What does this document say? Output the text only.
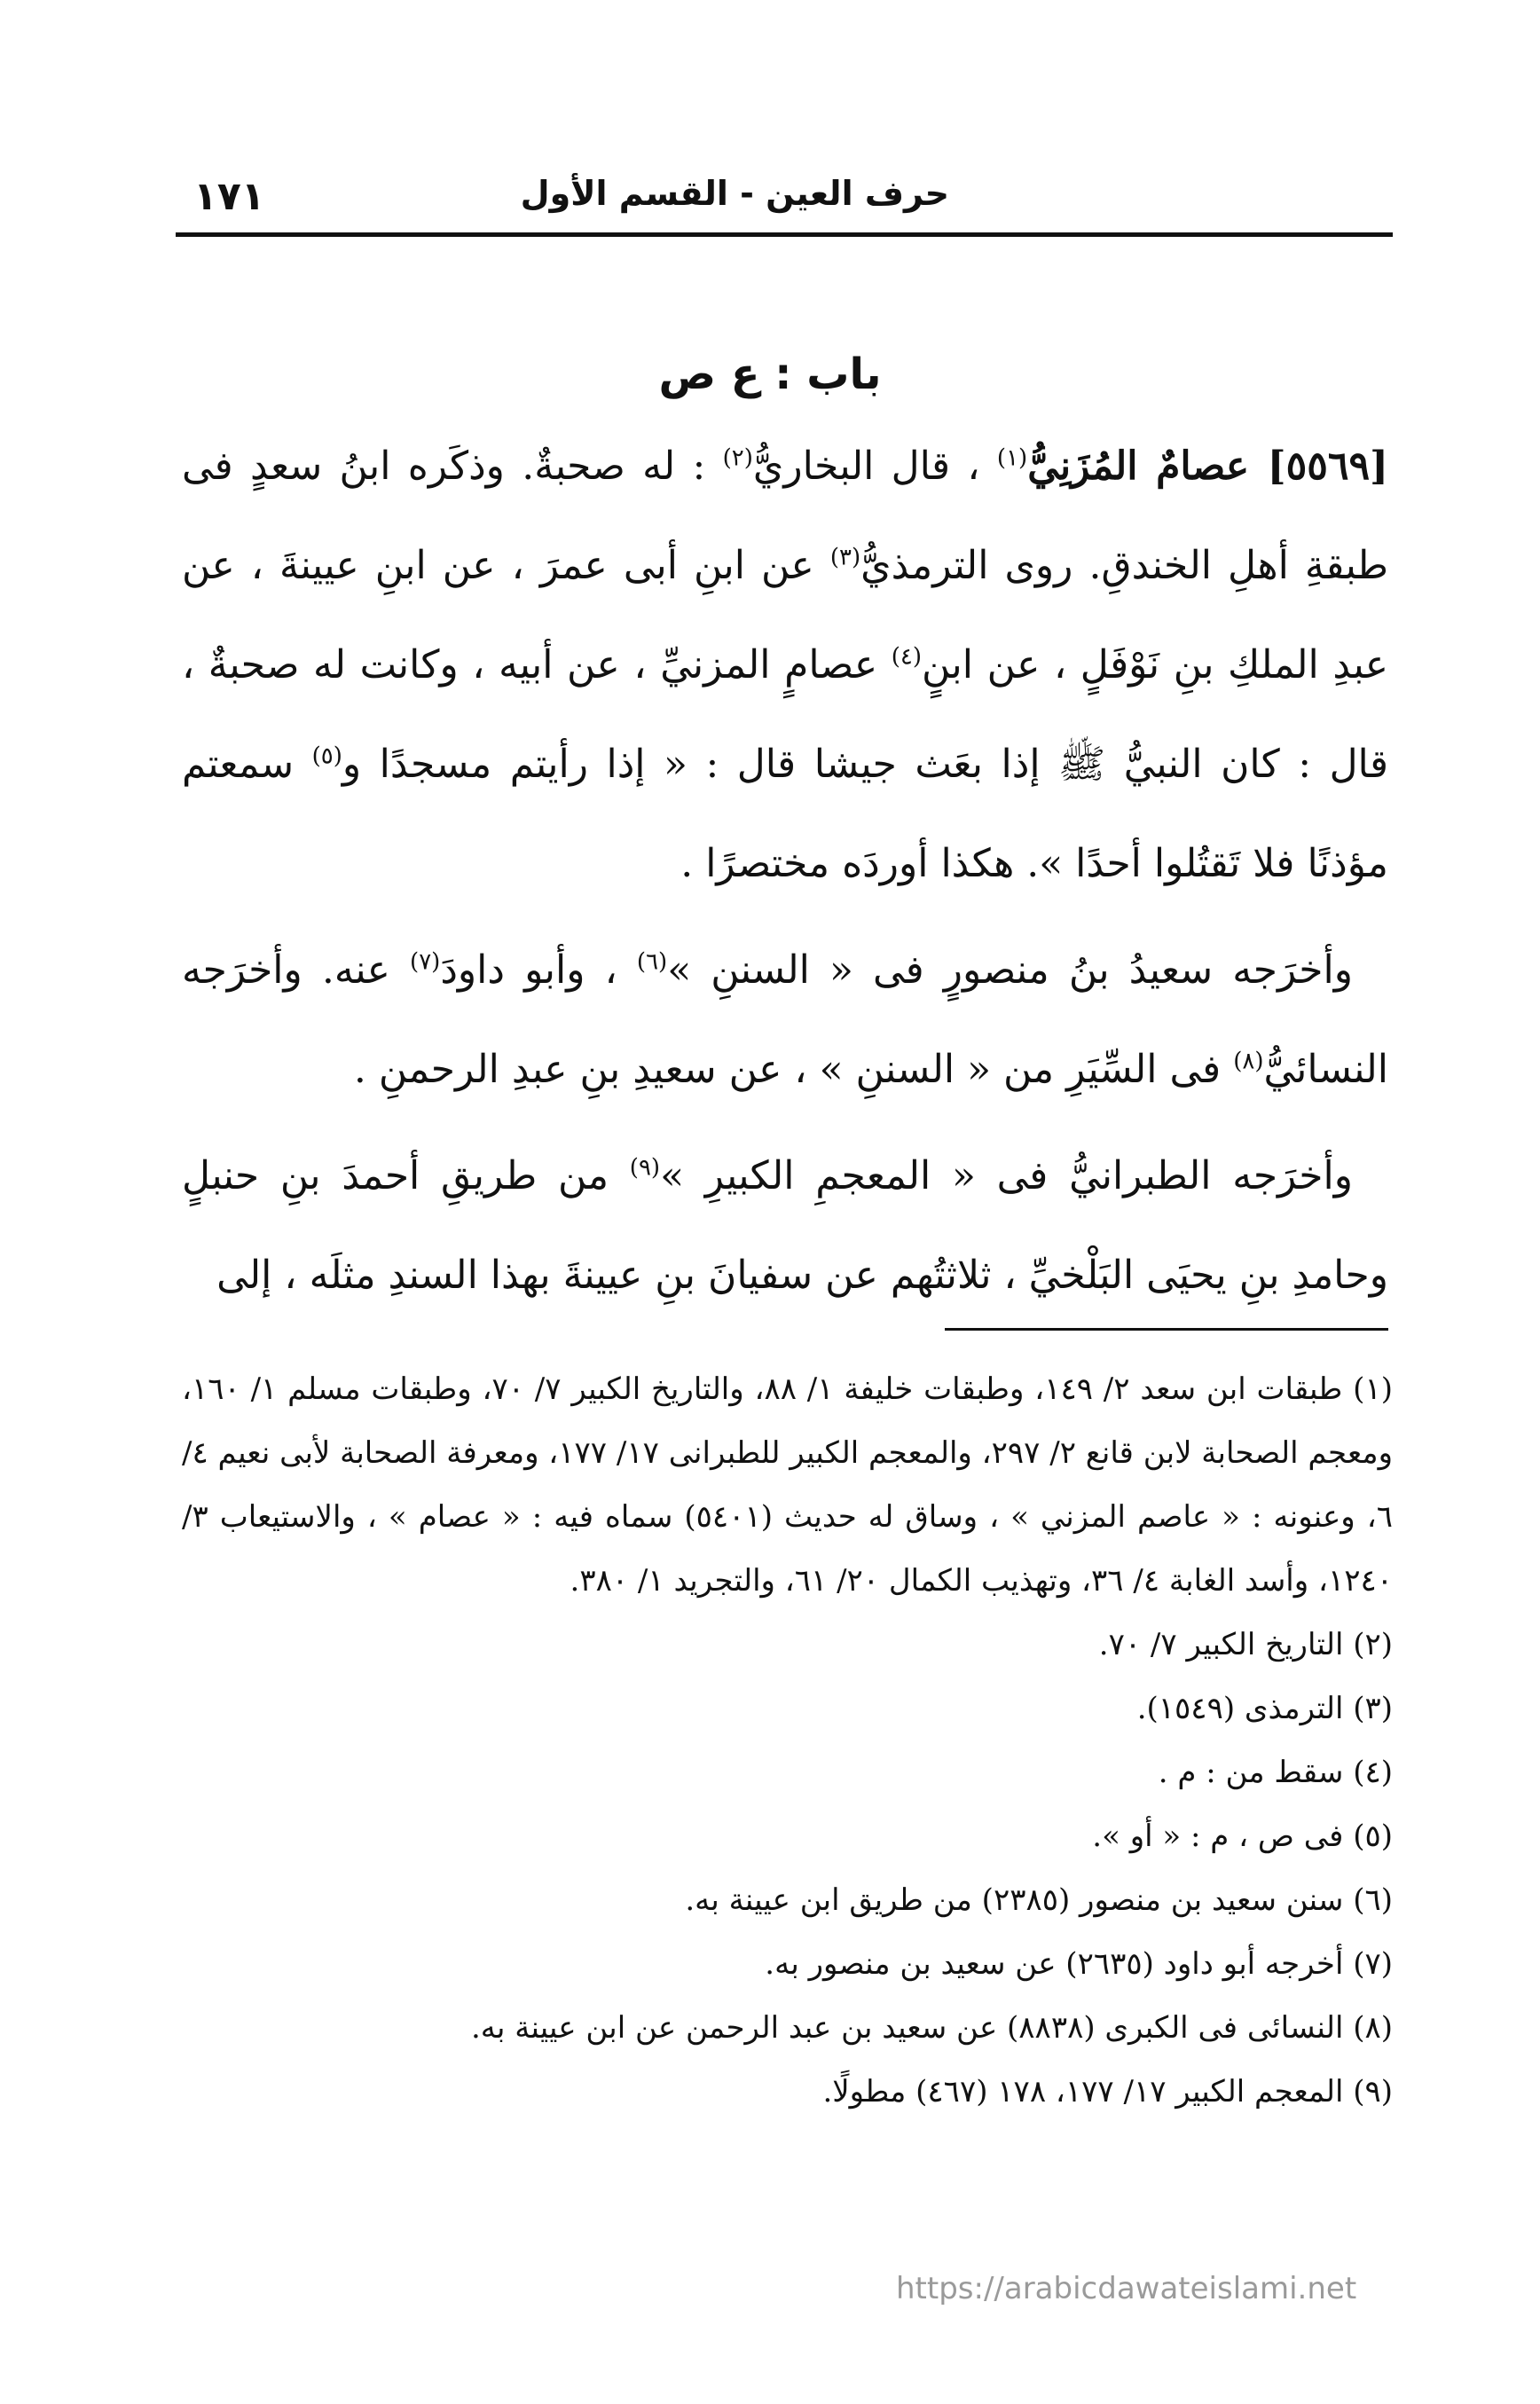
حرف العين - القسم الأول
١٧١
باب : ع ص

[٥٥٦٩] عصامٌ المُزَنِيُّ$^{(١)}$ ، قال البخاريُّ$^{(٢)}$ : له صحبةٌ. وذكَره ابنُ سعدٍ فى طبقةِ أهلِ الخندقِ. روى الترمذيُّ$^{(٣)}$ عن ابنِ أبى عمرَ ، عن ابنِ عيينةَ ، عن عبدِ الملكِ بنِ نَوْفَلٍ ، عن ابنٍ$^{(٤)}$ عصامٍ المزنيِّ ، عن أبيه ، وكانت له صحبةٌ ، قال : كان النبيُّ ﷺ إذا بعَث جيشا قال : « إذا رأيتم مسجدًا و$^{(٥)}$ سمعتم مؤذنًا فلا تَقتُلوا أحدًا ». هكذا أوردَه مختصرًا .

وأخرَجه سعيدُ بنُ منصورٍ فى « السننِ »$^{(٦)}$ ، وأبو داودَ$^{(٧)}$ عنه. وأخرَجه النسائيُّ$^{(٨)}$ فى السِّيَرِ من « السننِ » ، عن سعيدِ بنِ عبدِ الرحمنِ .

وأخرَجه الطبرانيُّ فى « المعجمِ الكبيرِ »$^{(٩)}$ من طريقِ أحمدَ بنِ حنبلٍ وحامدِ بنِ يحيَى البَلْخيِّ ، ثلاثتُهم عن سفيانَ بنِ عيينةَ بهذا السندِ مثلَه ، إلى

(١) طبقات ابن سعد ٢/ ١٤٩، وطبقات خليفة ١/ ٨٨، والتاريخ الكبير ٧/ ٧٠، وطبقات مسلم ١/ ١٦٠، ومعجم الصحابة لابن قانع ٢/ ٢٩٧، والمعجم الكبير للطبرانى ١٧/ ١٧٧، ومعرفة الصحابة لأبى نعيم ٤/ ٦، وعنونه : « عاصم المزني » ، وساق له حديث (٥٤٠١) سماه فيه : « عصام » ، والاستيعاب ٣/ ١٢٤٠، وأسد الغابة ٤/ ٣٦، وتهذيب الكمال ٢٠/ ٦١، والتجريد ١/ ٣٨٠.

(٢) التاريخ الكبير ٧/ ٧٠.

(٣) الترمذى (١٥٤٩).

(٤) سقط من : م .

(٥) فى ص ، م : « أو ».

(٦) سنن سعيد بن منصور (٢٣٨٥) من طريق ابن عيينة به.

(٧) أخرجه أبو داود (٢٦٣٥) عن سعيد بن منصور به.

(٨) النسائى فى الكبرى (٨٨٣٨) عن سعيد بن عبد الرحمن عن ابن عيينة به.

(٩) المعجم الكبير ١٧/ ١٧٧، ١٧٨ (٤٦٧) مطولًا.

https://arabicdawateislami.net
